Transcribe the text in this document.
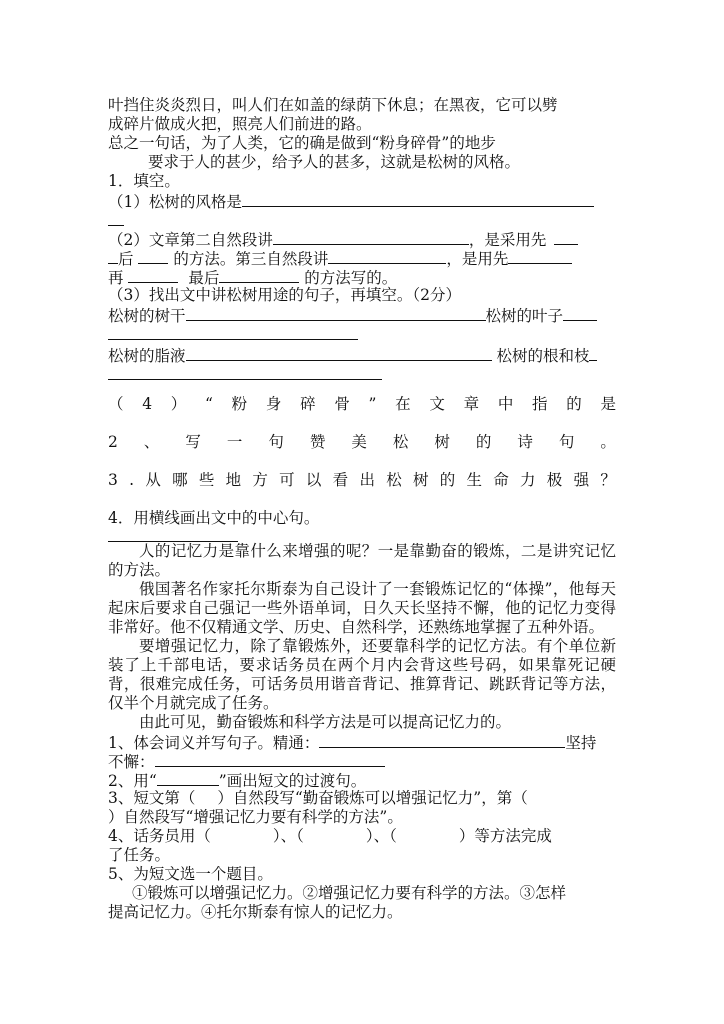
叶挡住炎炎烈日，叫人们在如盖的绿荫下休息；在黑夜，它可以劈
成碎片做成火把，照亮人们前进的路。
总之一句话，为了人类，它的确是做到“粉身碎骨”的地步
要求于人的甚少，给予人的甚多，这就是松树的风格。
1．填空。
（1）松树的风格是
（2）文章第二自然段讲	，是采用先
后	的方法。第三自然段讲	，是用先
再	最后	的方法写的。
（3）找出文中讲松树用途的句子，再填空。（2分）
松树的树干	松树的叶子
松树的脂液	松树的根和枝
（ 4 ） “ 粉 身 碎 骨 ” 在 文 章 中 指 的 是
2 、 写 一 句 赞 美 松 树 的 诗 句 。
3 . 从 哪 些 地 方 可 以 看 出 松 树 的 生 命 力 极 强 ？
4．用横线画出文中的中心句。
人的记忆力是靠什么来增强的呢？一是靠勤奋的锻炼，二是讲究记忆的方法。
俄国著名作家托尔斯泰为自己设计了一套锻炼记忆的“体操”，他每天起床后要求自己强记一些外语单词，日久天长坚持不懈，他的记忆力变得非常好。他不仅精通文学、历史、自然科学，还熟练地掌握了五种外语。
要增强记忆力，除了靠锻炼外，还要靠科学的记忆方法。有个单位新装了上千部电话，要求话务员在两个月内会背这些号码，如果靠死记硬背，很难完成任务，可话务员用谐音背记、推算背记、跳跃背记等方法，仅半个月就完成了任务。
由此可见，勤奋锻炼和科学方法是可以提高记忆力的。
1、体会词义并写句子。精通：	坚持
不懈：
2、用“	”画出短文的过渡句。
3、短文第（ ）自然段写“勤奋锻炼可以增强记忆力”，第（
）自然段写“增强记忆力要有科学的方法”。
4、话务员用（	）、（	）、（	）等方法完成
了任务。
5、为短文选一个题目。
①锻炼可以增强记忆力。②增强记忆力要有科学的方法。③怎样
提高记忆力。④托尔斯泰有惊人的记忆力。
